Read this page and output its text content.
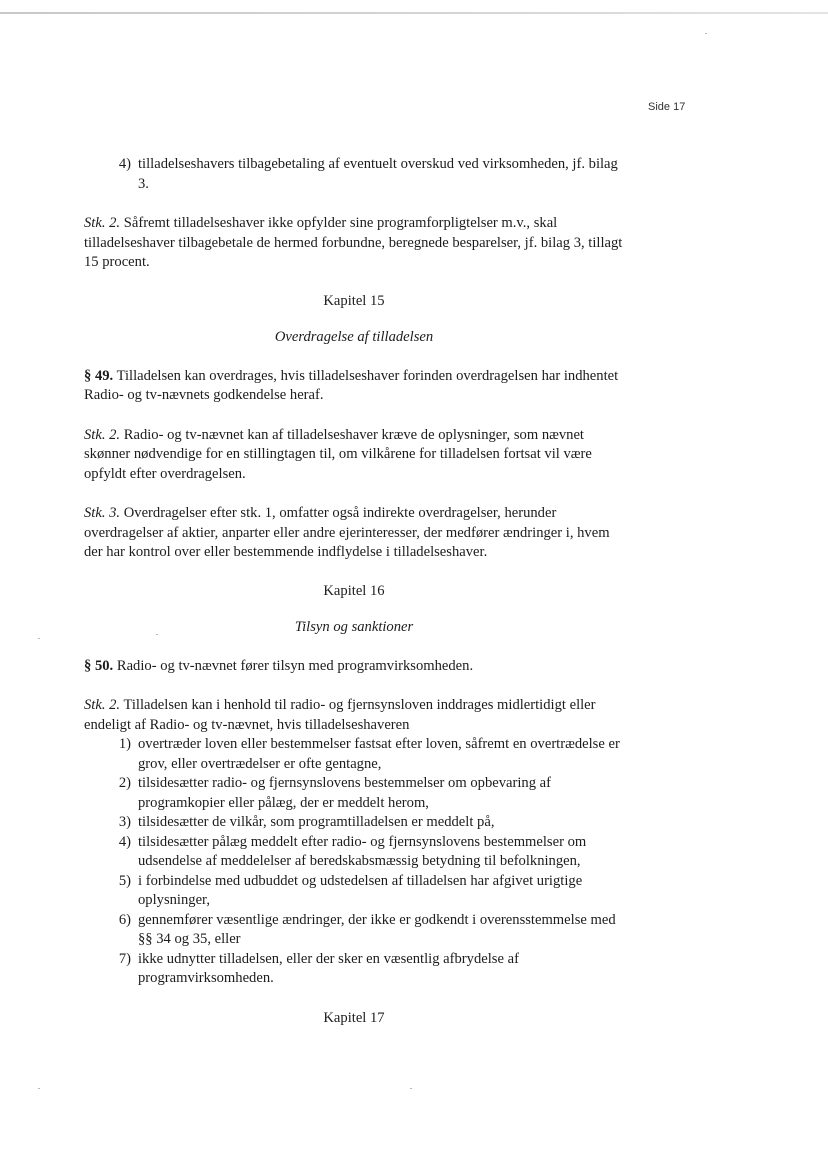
Side 17
4) tilladelseshavers tilbagebetaling af eventuelt overskud ved virksomheden, jf. bilag 3.

Stk. 2. Såfremt tilladelseshaver ikke opfylder sine programforpligtelser m.v., skal tilladelseshaver tilbagebetale de hermed forbundne, beregnede besparelser, jf. bilag 3, tillagt 15 procent.

Kapitel 15

Overdragelse af tilladelsen

§ 49. Tilladelsen kan overdrages, hvis tilladelseshaver forinden overdragelsen har indhentet Radio- og tv-nævnets godkendelse heraf.

Stk. 2. Radio- og tv-nævnet kan af tilladelseshaver kræve de oplysninger, som nævnet skønner nødvendige for en stillingtagen til, om vilkårene for tilladelsen fortsat vil være opfyldt efter overdragelsen.

Stk. 3. Overdragelser efter stk. 1, omfatter også indirekte overdragelser, herunder overdragelser af aktier, anparter eller andre ejerinteresser, der medfører ændringer i, hvem der har kontrol over eller bestemmende indflydelse i tilladelseshaver.

Kapitel 16

Tilsyn og sanktioner

§ 50. Radio- og tv-nævnet fører tilsyn med programvirksomheden.

Stk. 2. Tilladelsen kan i henhold til radio- og fjernsynsloven inddrages midlertidigt eller endeligt af Radio- og tv-nævnet, hvis tilladelseshaveren

1) overtræder loven eller bestemmelser fastsat efter loven, såfremt en overtrædelse er grov, eller overtrædelser er ofte gentagne,
2) tilsidesætter radio- og fjernsynslovens bestemmelser om opbevaring af programkopier eller pålæg, der er meddelt herom,
3) tilsidesætter de vilkår, som programtilladelsen er meddelt på,
4) tilsidesætter pålæg meddelt efter radio- og fjernsynslovens bestemmelser om udsendelse af meddelelser af beredskabsmæssig betydning til befolkningen,
5) i forbindelse med udbuddet og udstedelsen af tilladelsen har afgivet urigtige oplysninger,
6) gennemfører væsentlige ændringer, der ikke er godkendt i overensstemmelse med §§ 34 og 35, eller
7) ikke udnytter tilladelsen, eller der sker en væsentlig afbrydelse af programvirksomheden.

Kapitel 17
